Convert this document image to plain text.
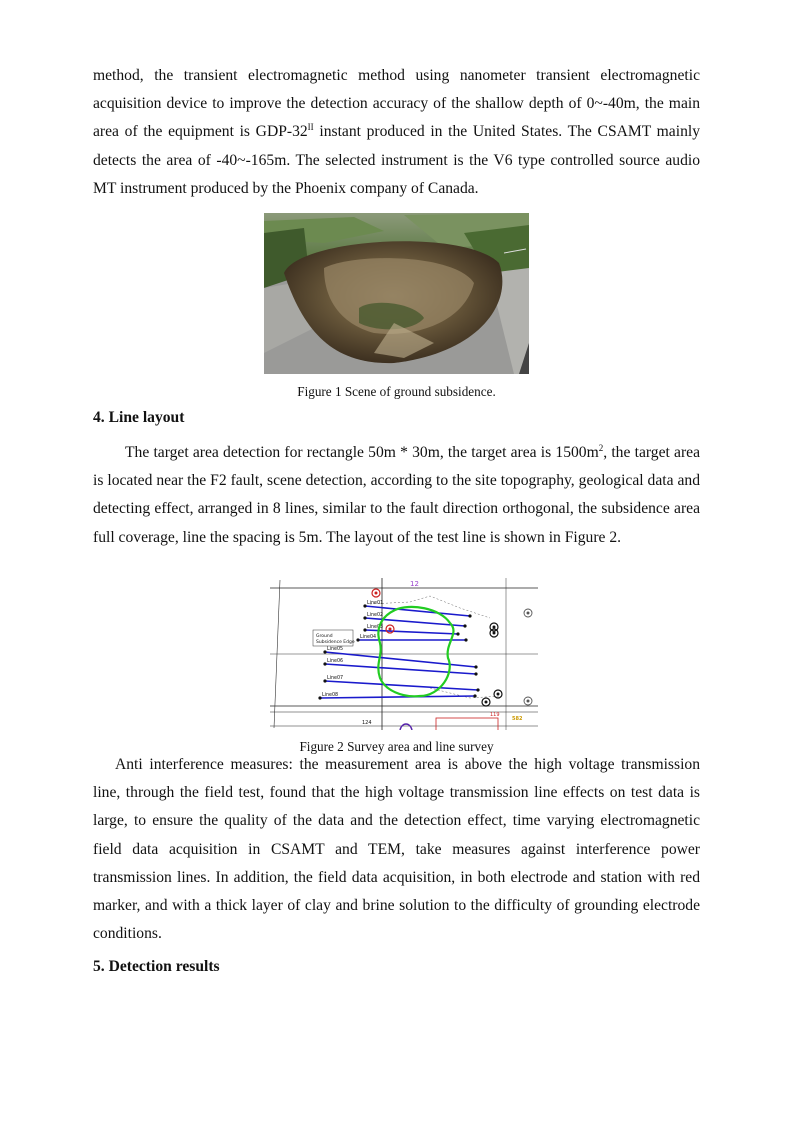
method, the transient electromagnetic method using nanometer transient electromagnetic acquisition device to improve the detection accuracy of the shallow depth of 0~-40m, the main area of the equipment is GDP-$32^{II}$ instant produced in the United States. The CSAMT mainly detects the area of -40~-165m. The selected instrument is the V6 type controlled source audio MT instrument produced by the Phoenix company of Canada.

Figure 1 Scene of ground subsidence.

4. Line layout

The target area detection for rectangle 50m * 30m, the target area is $1500m^2$, the target area is located near the F2 fault, scene detection, according to the site topography, geological data and detecting effect, arranged in 8 lines, similar to the fault direction orthogonal, the subsidence area full coverage, line the spacing is 5m. The layout of the test line is shown in Figure 2.

12
Ground
Subsidence Edge
Line01
Line02
Line03
Line04
Line05
Line06
Line07
Line08
124
119
582

Figure 2 Survey area and line survey

Anti interference measures: the measurement area is above the high voltage transmission line, through the field test, found that the high voltage transmission line effects on test data is large, to ensure the quality of the data and the detection effect, time varying electromagnetic field data acquisition in CSAMT and TEM, take measures against interference power transmission lines. In addition, the field data acquisition, in both electrode and station with red marker, and with a thick layer of clay and brine solution to the difficulty of grounding electrode conditions.

5. Detection results
